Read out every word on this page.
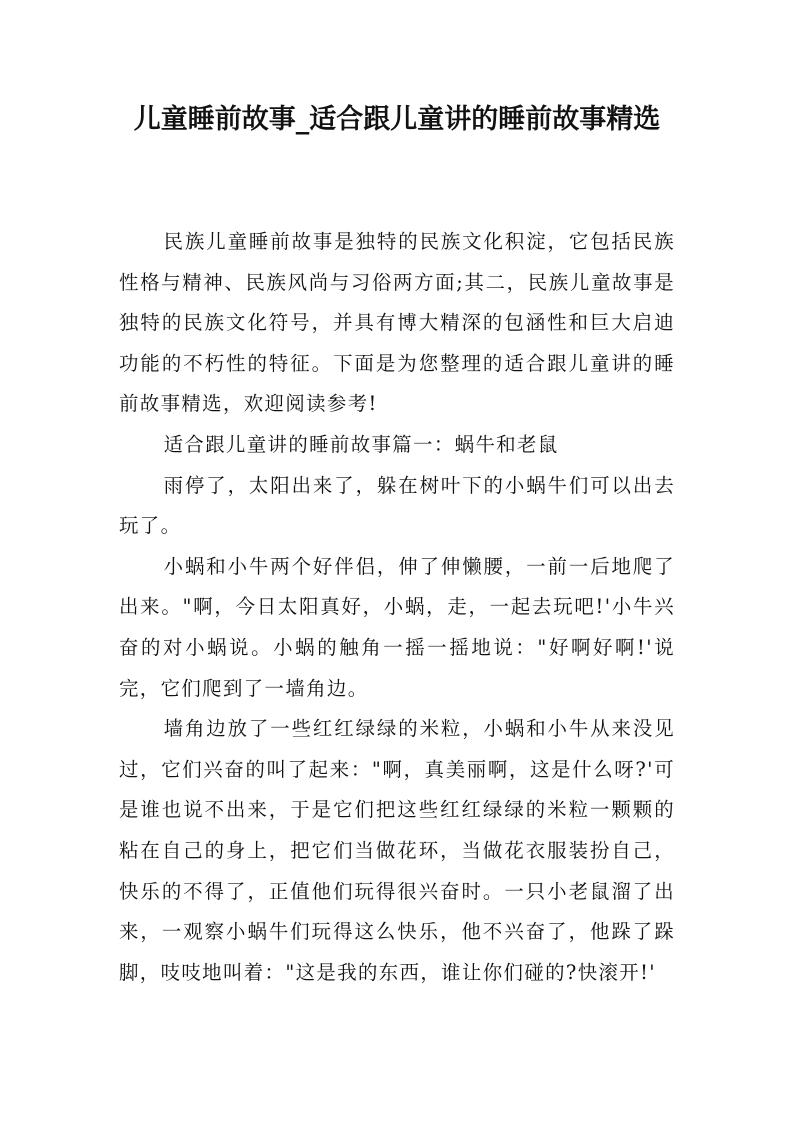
儿童睡前故事_适合跟儿童讲的睡前故事精选

民族儿童睡前故事是独特的民族文化积淀，它包括民族性格与精神、民族风尚与习俗两方面;其二，民族儿童故事是独特的民族文化符号，并具有博大精深的包涵性和巨大启迪功能的不朽性的特征。下面是为您整理的适合跟儿童讲的睡前故事精选，欢迎阅读参考!

适合跟儿童讲的睡前故事篇一：蜗牛和老鼠

雨停了，太阳出来了，躲在树叶下的小蜗牛们可以出去玩了。

小蜗和小牛两个好伴侣，伸了伸懒腰，一前一后地爬了出来。"啊，今日太阳真好，小蜗，走，一起去玩吧!'小牛兴奋的对小蜗说。小蜗的触角一摇一摇地说："好啊好啊!'说完，它们爬到了一墙角边。

墙角边放了一些红红绿绿的米粒，小蜗和小牛从来没见过，它们兴奋的叫了起来："啊，真美丽啊，这是什么呀?'可是谁也说不出来，于是它们把这些红红绿绿的米粒一颗颗的粘在自己的身上，把它们当做花环，当做花衣服装扮自己，快乐的不得了，正值他们玩得很兴奋时。一只小老鼠溜了出来，一观察小蜗牛们玩得这么快乐，他不兴奋了，他跺了跺脚，吱吱地叫着："这是我的东西，谁让你们碰的?快滚开!'
